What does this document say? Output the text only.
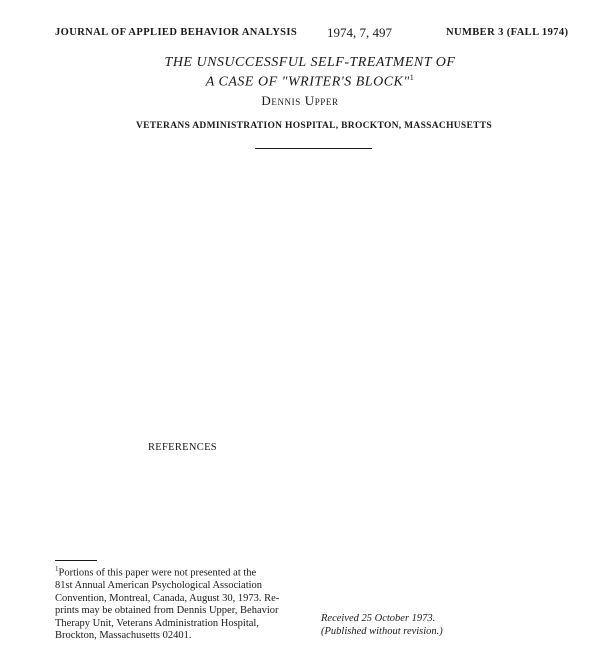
JOURNAL OF APPLIED BEHAVIOR ANALYSIS 1974, 7, 497	NUMBER 3 (FALL 1974)
THE UNSUCCESSFUL SELF-TREATMENT OF
A CASE OF "WRITER'S BLOCK"$^1$
Dennis Upper
VETERANS ADMINISTRATION HOSPITAL, BROCKTON, MASSACHUSETTS
REFERENCES
$^1$Portions of this paper were not presented at the
81st Annual American Psychological Association
Convention, Montreal, Canada, August 30, 1973. Re-
prints may be obtained from Dennis Upper, Behavior
Therapy Unit, Veterans Administration Hospital,
Brockton, Massachusetts 02401.
Received 25 October 1973.
(Published without revision.)
